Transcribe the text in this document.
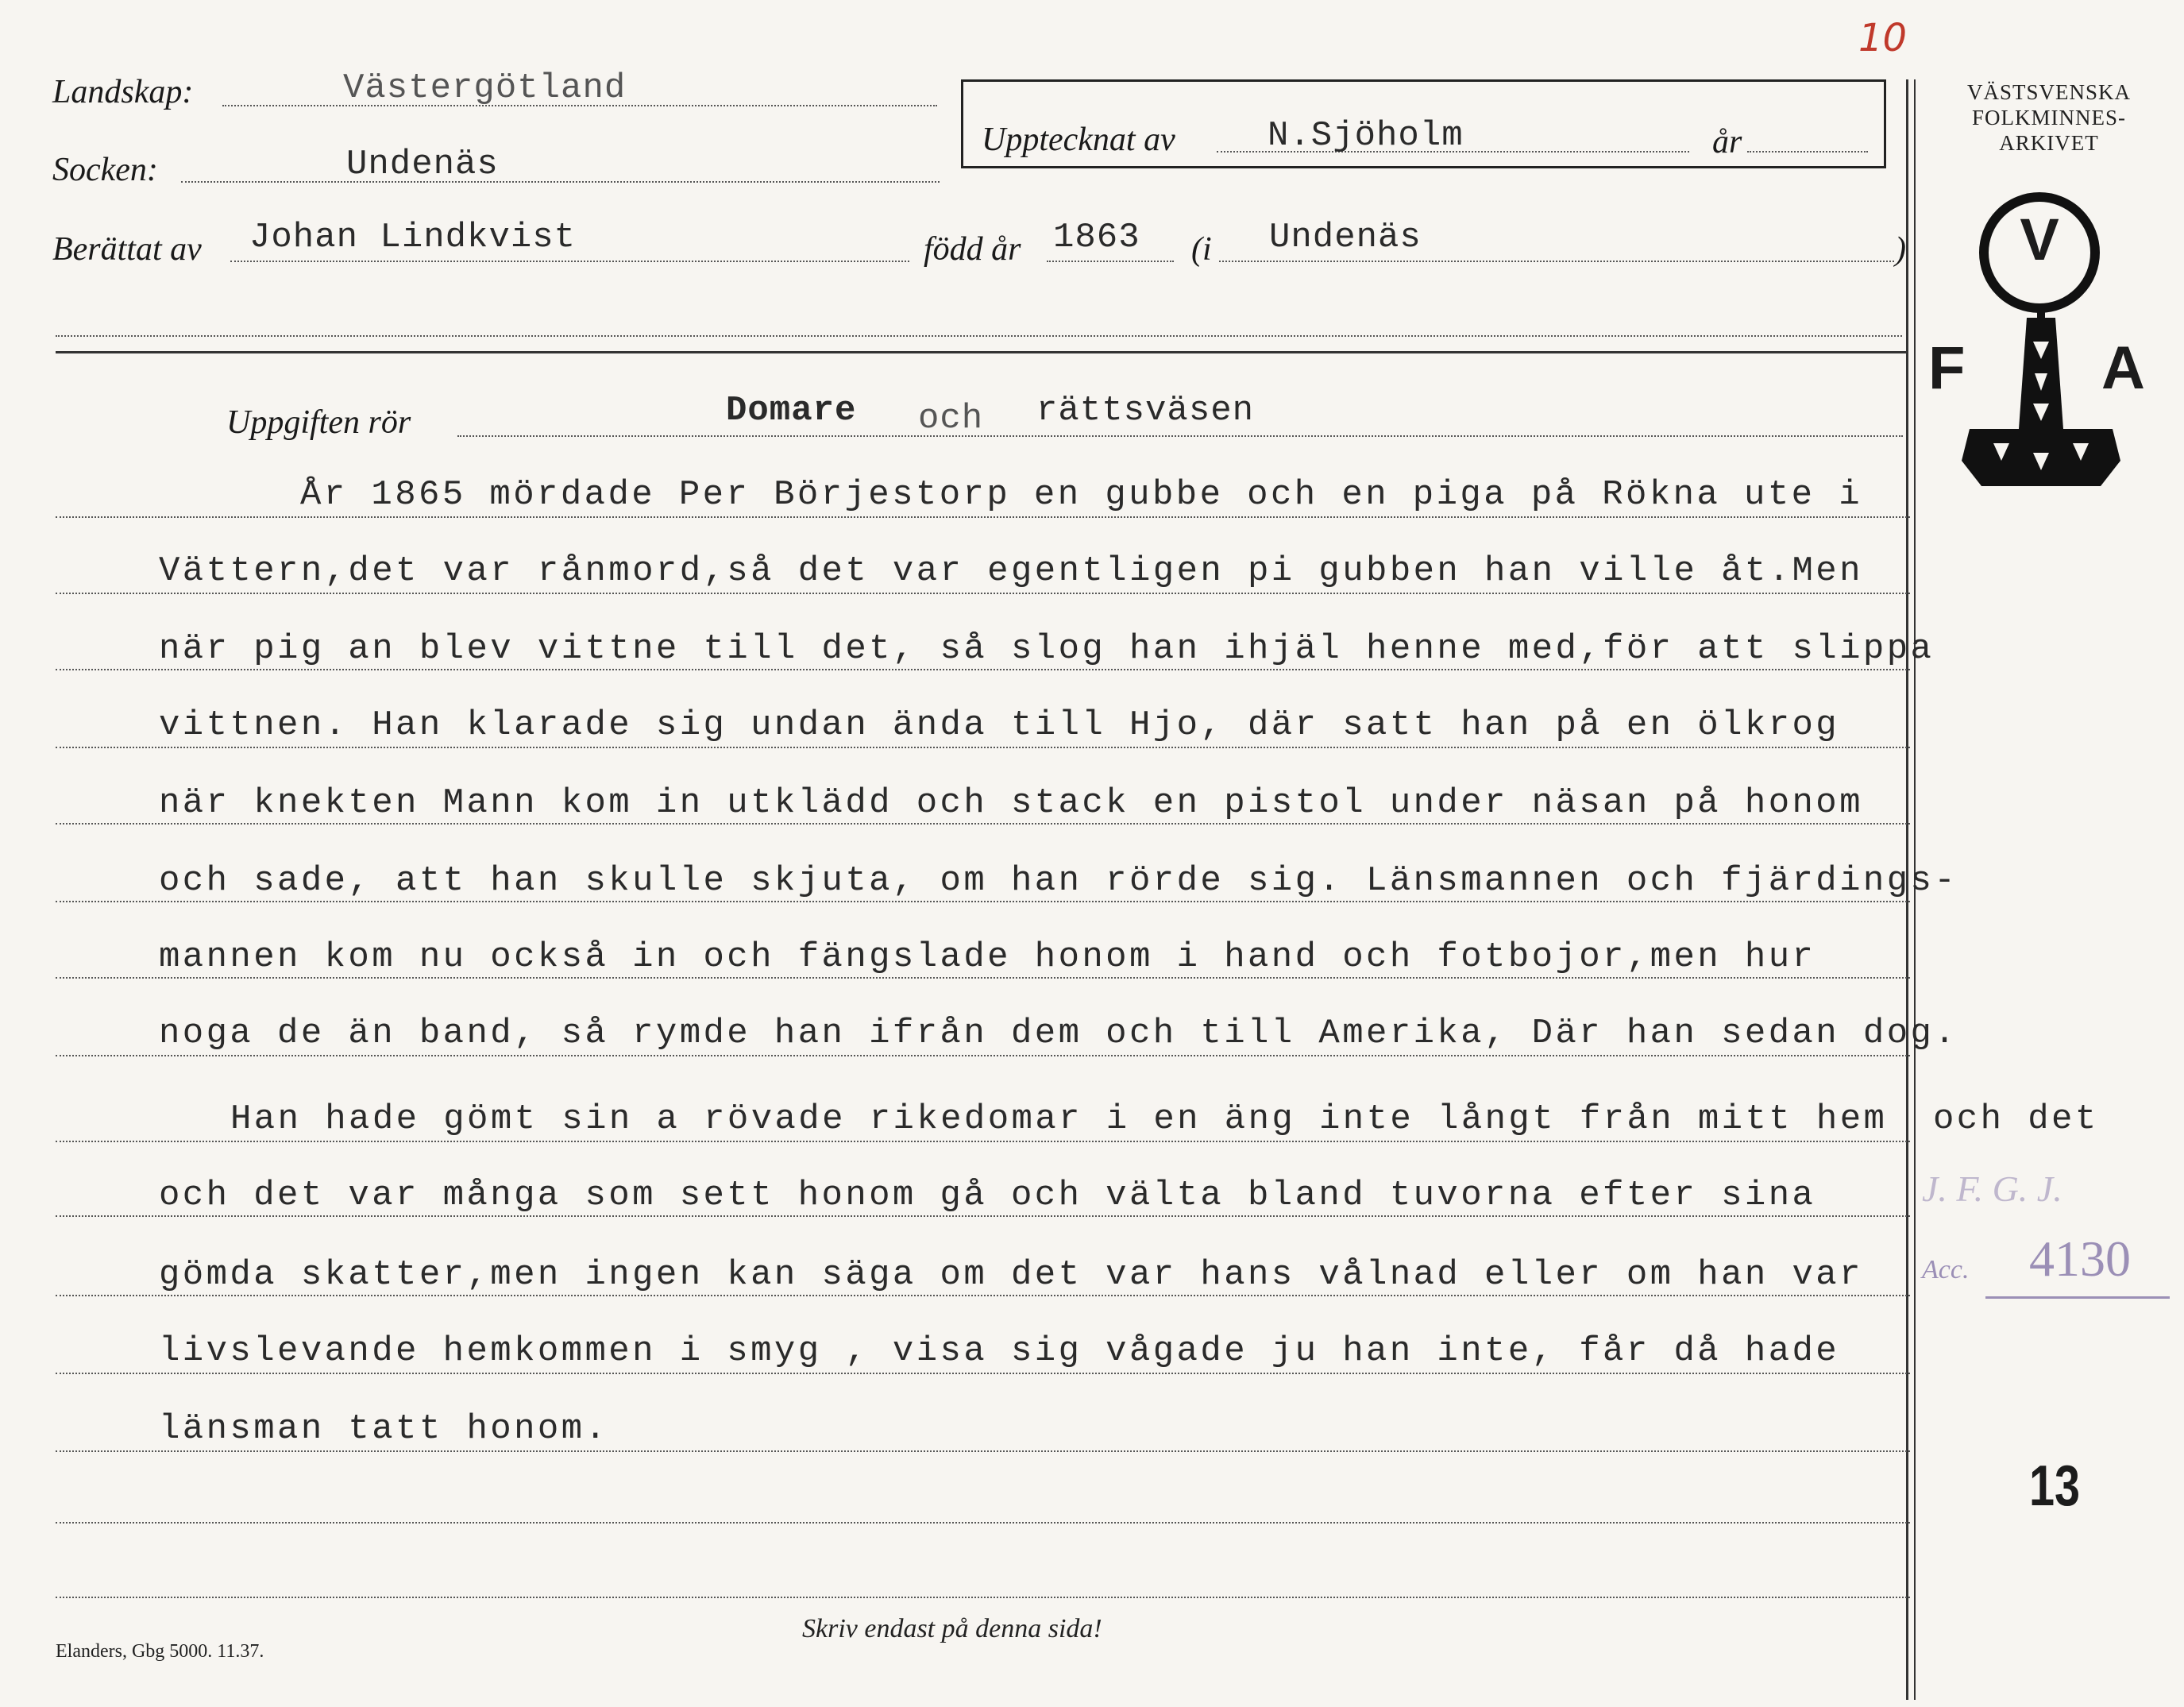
10
Landskap:	Västergötland
Socken:	Undenäs
Upptecknаt av	N.Sjöholm	år
Berättat av Johan Lindkvist	född år 1863 (i Undenäs	)
VÄSTSVENSKA
FOLKMINNES-
ARKIVET
V
F A
Uppgiften rör	Domare och rättsväsen
År 1865 mördade Per Börjestorp en gubbe och en piga på Rökna ute i
Vättern,det var rånmord,så det var egentligen pi gubben han ville åt.Men
när pig an blev vittne till det, så slog han ihjäl henne med,för att slippa
vittnen. Han klarade sig undan ända till Hjo, där satt han på en ölkrog
när knekten Mann kom in utklädd och stack en pistol under näsan på honom
och sade, att han skulle skjuta, om han rörde sig. Länsmannen och fjärdings-
mannen kom nu också in och fängslade honom i hand och fotbojor,men hur
noga de än band, så rymde han ifrån dem och till Amerika, Där han sedan dog.
Han hade gömt sin a rövade rikedomar i en äng inte långt från mitt hem
och det var många som sett honom gå och välta bland tuvorna efter sina
gömda skatter,men ingen kan säga om det var hans vålnad eller om han var
livslevande hemkommen i smyg , visa sig vågade ju han inte, får då hade
länsman tatt honom.
och det
J. F. G. J.
Acc. 4130
13
Elanders, Gbg 5000. 11.37.
Skriv endast på denna sida!
